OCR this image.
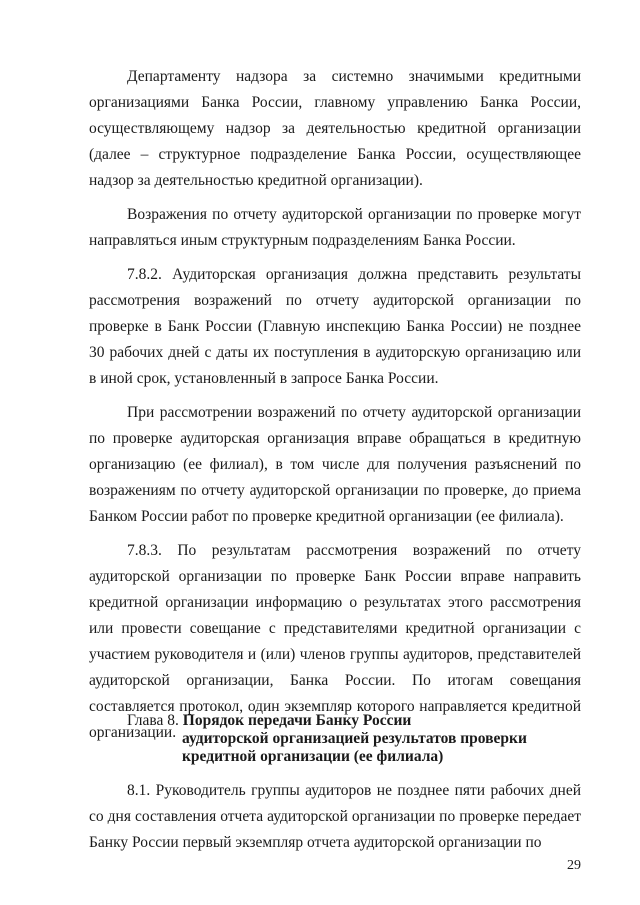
Департаменту надзора за системно значимыми кредитными организациями Банка России, главному управлению Банка России, осуществляющему надзор за деятельностью кредитной организации (далее – структурное подразделение Банка России, осуществляющее надзор за деятельностью кредитной организации).

Возражения по отчету аудиторской организации по проверке могут направляться иным структурным подразделениям Банка России.

7.8.2. Аудиторская организация должна представить результаты рассмотрения возражений по отчету аудиторской организации по проверке в Банк России (Главную инспекцию Банка России) не позднее 30 рабочих дней с даты их поступления в аудиторскую организацию или в иной срок, установленный в запросе Банка России.

При рассмотрении возражений по отчету аудиторской организации по проверке аудиторская организация вправе обращаться в кредитную организацию (ее филиал), в том числе для получения разъяснений по возражениям по отчету аудиторской организации по проверке, до приема Банком России работ по проверке кредитной организации (ее филиала).

7.8.3. По результатам рассмотрения возражений по отчету аудиторской организации по проверке Банк России вправе направить кредитной организации информацию о результатах этого рассмотрения или провести совещание с представителями кредитной организации с участием руководителя и (или) членов группы аудиторов, представителей аудиторской организации, Банка России. По итогам совещания составляется протокол, один экземпляр которого направляется кредитной организации.

Глава 8. Порядок передачи Банку России
аудиторской организацией результатов проверки
кредитной организации (ее филиала)

8.1. Руководитель группы аудиторов не позднее пяти рабочих дней со дня составления отчета аудиторской организации по проверке передает Банку России первый экземпляр отчета аудиторской организации по

29
